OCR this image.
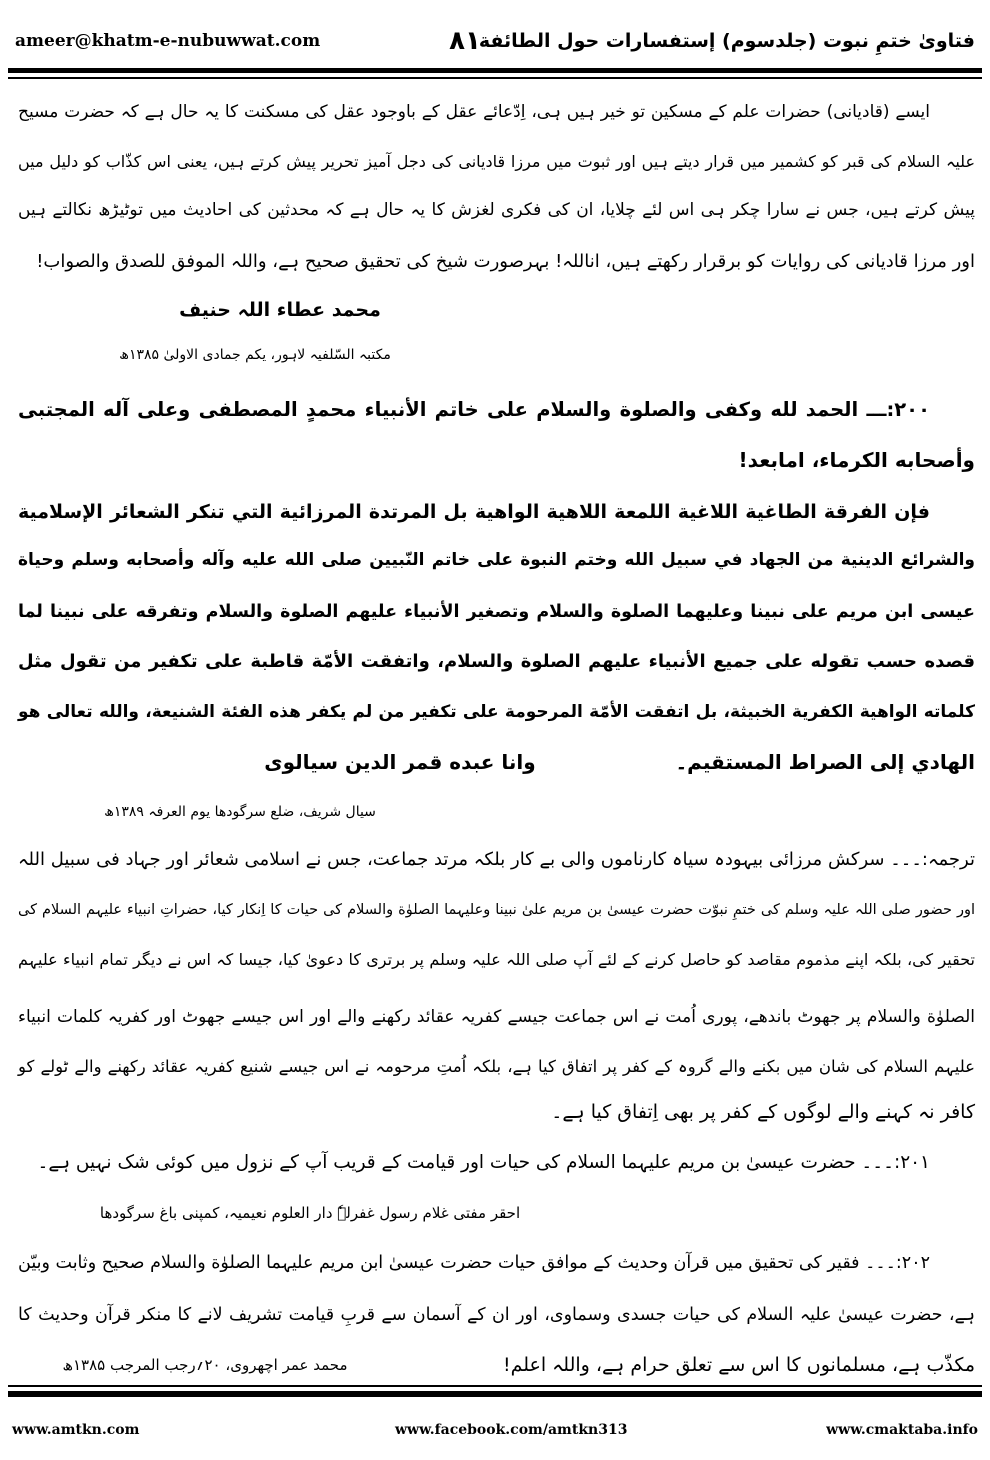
ameer@khatm-e-nubuwwat.com	۸۱
فتاویٰ ختمِ نبوت (جلدسوم) إستفسارات حول الطائفة
ایسے (قادیانی) حضرات علم کے مسکین تو خیر ہیں ہی، اِدّعائے عقل کے باوجود عقل کی مسکنت کا یہ حال ہے کہ حضرت مسیح
علیہ السلام کی قبر کو کشمیر میں قرار دیتے ہیں اور ثبوت میں مرزا قادیانی کی دجل آمیز تحریر پیش کرتے ہیں، یعنی اس کذّاب کو دلیل میں
پیش کرتے ہیں، جس نے سارا چکر ہی اس لئے چلایا، ان کی فکری لغزش کا یہ حال ہے کہ محدثین کی احادیث میں توٹیڑھ نکالتے ہیں
اور مرزا قادیانی کی روایات کو برقرار رکھتے ہیں، اناللہ! بہرصورت شیخ کی تحقیق صحیح ہے، واللہ الموفق للصدق والصواب!
محمد عطاء اللہ حنیف
مکتبہ السّلفیہ لاہور، یکم جمادی الاولیٰ ۱۳۸۵ھ
۲۰۰:ـــ الحمد لله وكفى والصلوة والسلام على خاتم الأنبياء محمدٍ المصطفى وعلى آله المجتبى
وأصحابه الكرماء، امابعد!
فإن الفرقة الطاغية اللاغية اللمعة اللاهية الواهية بل المرتدة المرزائية التي تنكر الشعائر الإسلامية
والشرائع الدينية من الجهاد في سبيل الله وختم النبوة على خاتم النّبيين صلى الله عليه وآله وأصحابه وسلم وحياة
عيسى ابن مريم على نبينا وعليهما الصلوة والسلام وتصغير الأنبياء عليهم الصلوة والسلام وتفرقه على نبينا لما
قصده حسب تقوله على جميع الأنبياء عليهم الصلوة والسلام، واتفقت الأمّة قاطبة على تكفير من تقول مثل
كلماته الواهية الكفرية الخبيثة، بل اتفقت الأمّة المرحومة على تكفير من لم يكفر هذه الفئة الشنيعة، والله تعالى هو
الهادي إلى الصراط المستقيم۔
وانا عبده قمر الدين سيالوى
سیال شریف، ضلع سرگودھا یوم العرفہ ۱۳۸۹ھ
ترجمہ:۔۔۔ سرکش مرزائی بیہودہ سیاہ کارناموں والی بے کار بلکہ مرتد جماعت، جس نے اسلامی شعائر اور جہاد فی سبیل اللہ
اور حضور صلی اللہ علیہ وسلم کی ختمِ نبوّت حضرت عیسیٰ بن مریم علیٰ نبینا وعلیہما الصلوٰة والسلام کی حیات کا اِنکار کیا، حضراتِ انبیاء علیہم السلام کی
تحقیر کی، بلکہ اپنے مذموم مقاصد کو حاصل کرنے کے لئے آپ صلی اللہ علیہ وسلم پر برتری کا دعویٰ کیا، جیسا کہ اس نے دیگر تمام انبیاء علیہم
الصلوٰة والسلام پر جھوٹ باندھے، پوری اُمت نے اس جماعت جیسے کفریہ عقائد رکھنے والے اور اس جیسے جھوٹ اور کفریہ کلمات انبیاء
علیہم السلام کی شان میں بکنے والے گروہ کے کفر پر اتفاق کیا ہے، بلکہ اُمتِ مرحومہ نے اس جیسے شنیع کفریہ عقائد رکھنے والے ٹولے کو
کافر نہ کہنے والے لوگوں کے کفر پر بھی اِتفاق کیا ہے۔
۲۰۱:۔۔۔ حضرت عیسیٰ بن مریم علیہما السلام کی حیات اور قیامت کے قریب آپ کے نزول میں کوئی شک نہیں ہے۔
احقر مفتی غلام رسول غفرلہٗ دار العلوم نعیمیہ، کمپنی باغ سرگودھا
۲۰۲:۔۔۔ فقیر کی تحقیق میں قرآن وحدیث کے موافق حیات حضرت عیسیٰ ابن مریم علیہما الصلوٰة والسلام صحیح وثابت وبیّن
ہے، حضرت عیسیٰ علیہ السلام کی حیات جسدی وسماوی، اور ان کے آسمان سے قربِ قیامت تشریف لانے کا منکر قرآن وحدیث کا
مکذّب ہے، مسلمانوں کا اس سے تعلق حرام ہے، واللہ اعلم!
محمد عمر اچھروی، ۲۰؍رجب المرجب ۱۳۸۵ھ
www.amtkn.com	www.facebook.com/amtkn313	www.cmaktaba.info
